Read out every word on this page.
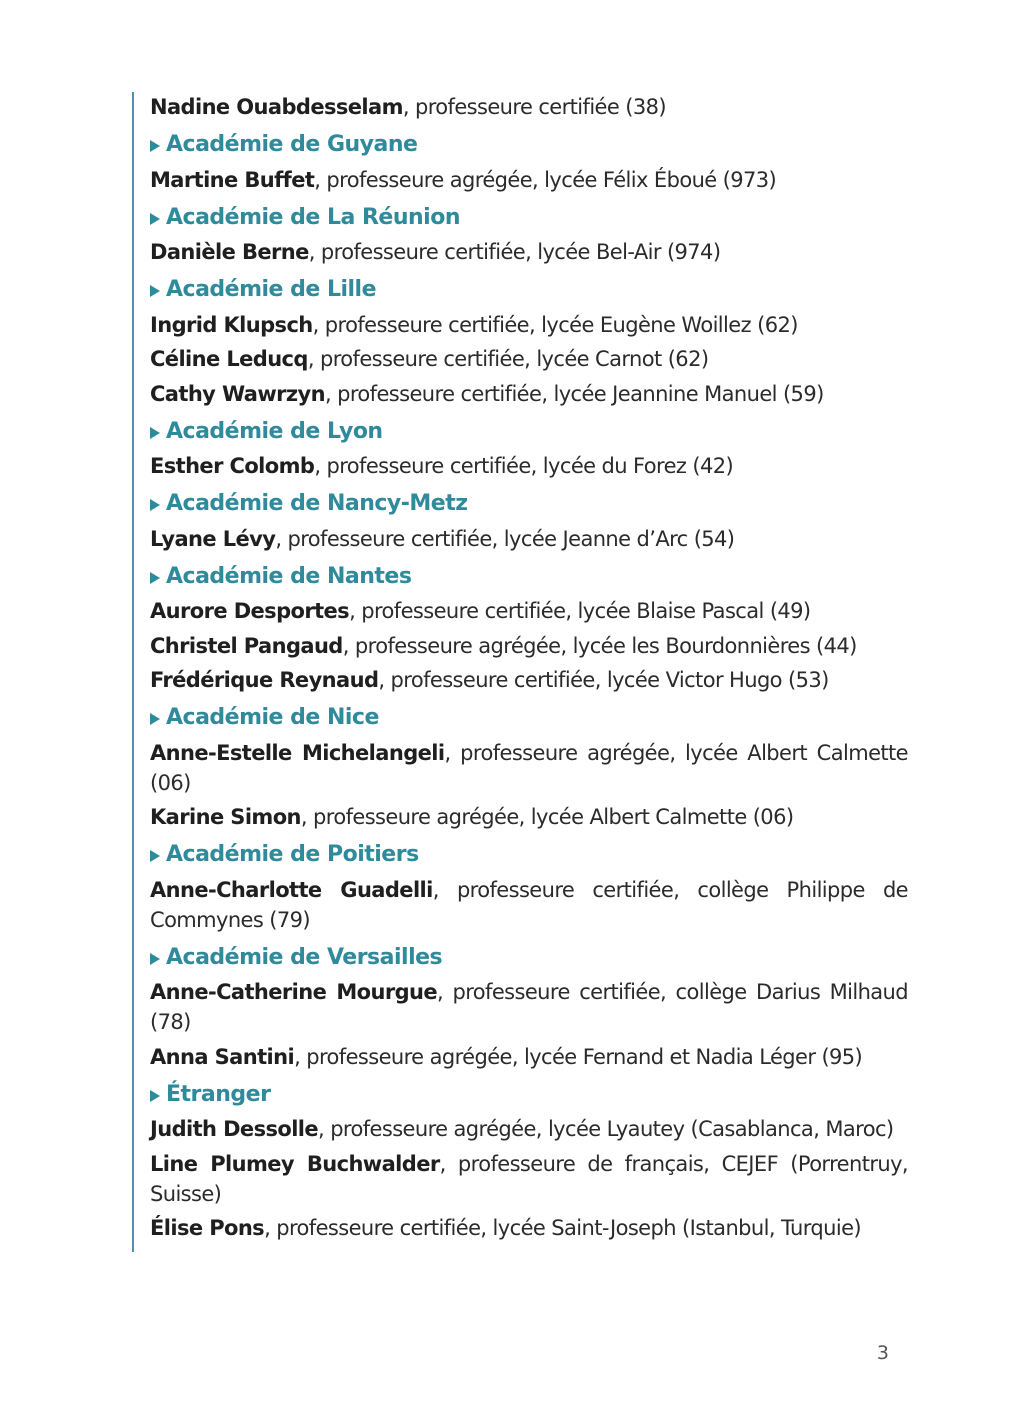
Nadine Ouabdesselam, professeure certifiée (38)

Académie de Guyane

Martine Buffet, professeure agrégée, lycée Félix Éboué (973)

Académie de La Réunion

Danièle Berne, professeure certifiée, lycée Bel-Air (974)

Académie de Lille

Ingrid Klupsch, professeure certifiée, lycée Eugène Woillez (62)

Céline Leducq, professeure certifiée, lycée Carnot (62)

Cathy Wawrzyn, professeure certifiée, lycée Jeannine Manuel (59)

Académie de Lyon

Esther Colomb, professeure certifiée, lycée du Forez (42)

Académie de Nancy-Metz

Lyane Lévy, professeure certifiée, lycée Jeanne d’Arc (54)

Académie de Nantes

Aurore Desportes, professeure certifiée, lycée Blaise Pascal (49)

Christel Pangaud, professeure agrégée, lycée les Bourdonnières (44)

Frédérique Reynaud, professeure certifiée, lycée Victor Hugo (53)

Académie de Nice

Anne-Estelle Michelangeli, professeure agrégée, lycée Albert Calmette (06)

Karine Simon, professeure agrégée, lycée Albert Calmette (06)

Académie de Poitiers

Anne-Charlotte Guadelli, professeure certifiée, collège Philippe de Commynes (79)

Académie de Versailles

Anne-Catherine Mourgue, professeure certifiée, collège Darius Milhaud (78)

Anna Santini, professeure agrégée, lycée Fernand et Nadia Léger (95)

Étranger

Judith Dessolle, professeure agrégée, lycée Lyautey (Casablanca, Maroc)

Line Plumey Buchwalder, professeure de français, CEJEF (Porrentruy, Suisse)

Élise Pons, professeure certifiée, lycée Saint-Joseph (Istanbul, Turquie)

3
